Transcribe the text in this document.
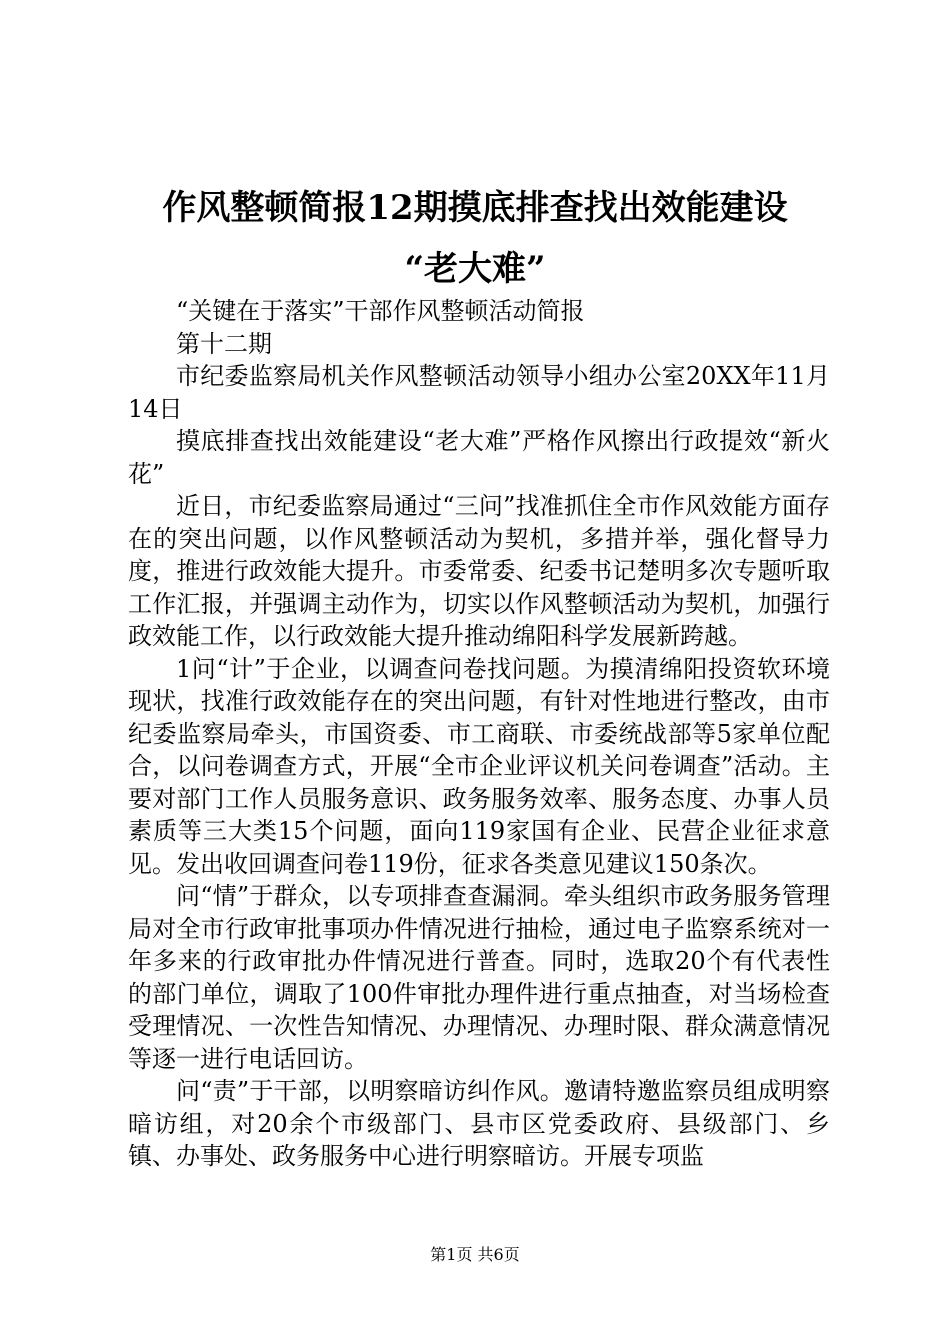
作风整顿简报12期摸底排查找出效能建设
“老大难”

“关键在于落实”干部作风整顿活动简报

第十二期

市纪委监察局机关作风整顿活动领导小组办公室20XX年11月14日

摸底排查找出效能建设“老大难”严格作风擦出行政提效“新火花”

近日，市纪委监察局通过“三问”找准抓住全市作风效能方面存在的突出问题，以作风整顿活动为契机，多措并举，强化督导力度，推进行政效能大提升。市委常委、纪委书记楚明多次专题听取工作汇报，并强调主动作为，切实以作风整顿活动为契机，加强行政效能工作，以行政效能大提升推动绵阳科学发展新跨越。

1问“计”于企业，以调查问卷找问题。为摸清绵阳投资软环境现状，找准行政效能存在的突出问题，有针对性地进行整改，由市纪委监察局牵头，市国资委、市工商联、市委统战部等5家单位配合，以问卷调查方式，开展“全市企业评议机关问卷调查”活动。主要对部门工作人员服务意识、政务服务效率、服务态度、办事人员素质等三大类15个问题，面向119家国有企业、民营企业征求意见。发出收回调查问卷119份，征求各类意见建议150条次。

问“情”于群众，以专项排查查漏洞。牵头组织市政务服务管理局对全市行政审批事项办件情况进行抽检，通过电子监察系统对一年多来的行政审批办件情况进行普查。同时，选取20个有代表性的部门单位，调取了100件审批办理件进行重点抽查，对当场检查受理情况、一次性告知情况、办理情况、办理时限、群众满意情况等逐一进行电话回访。

问“责”于干部，以明察暗访纠作风。邀请特邀监察员组成明察暗访组，对20余个市级部门、县市区党委政府、县级部门、乡镇、办事处、政务服务中心进行明察暗访。开展专项监

第1页 共6页
